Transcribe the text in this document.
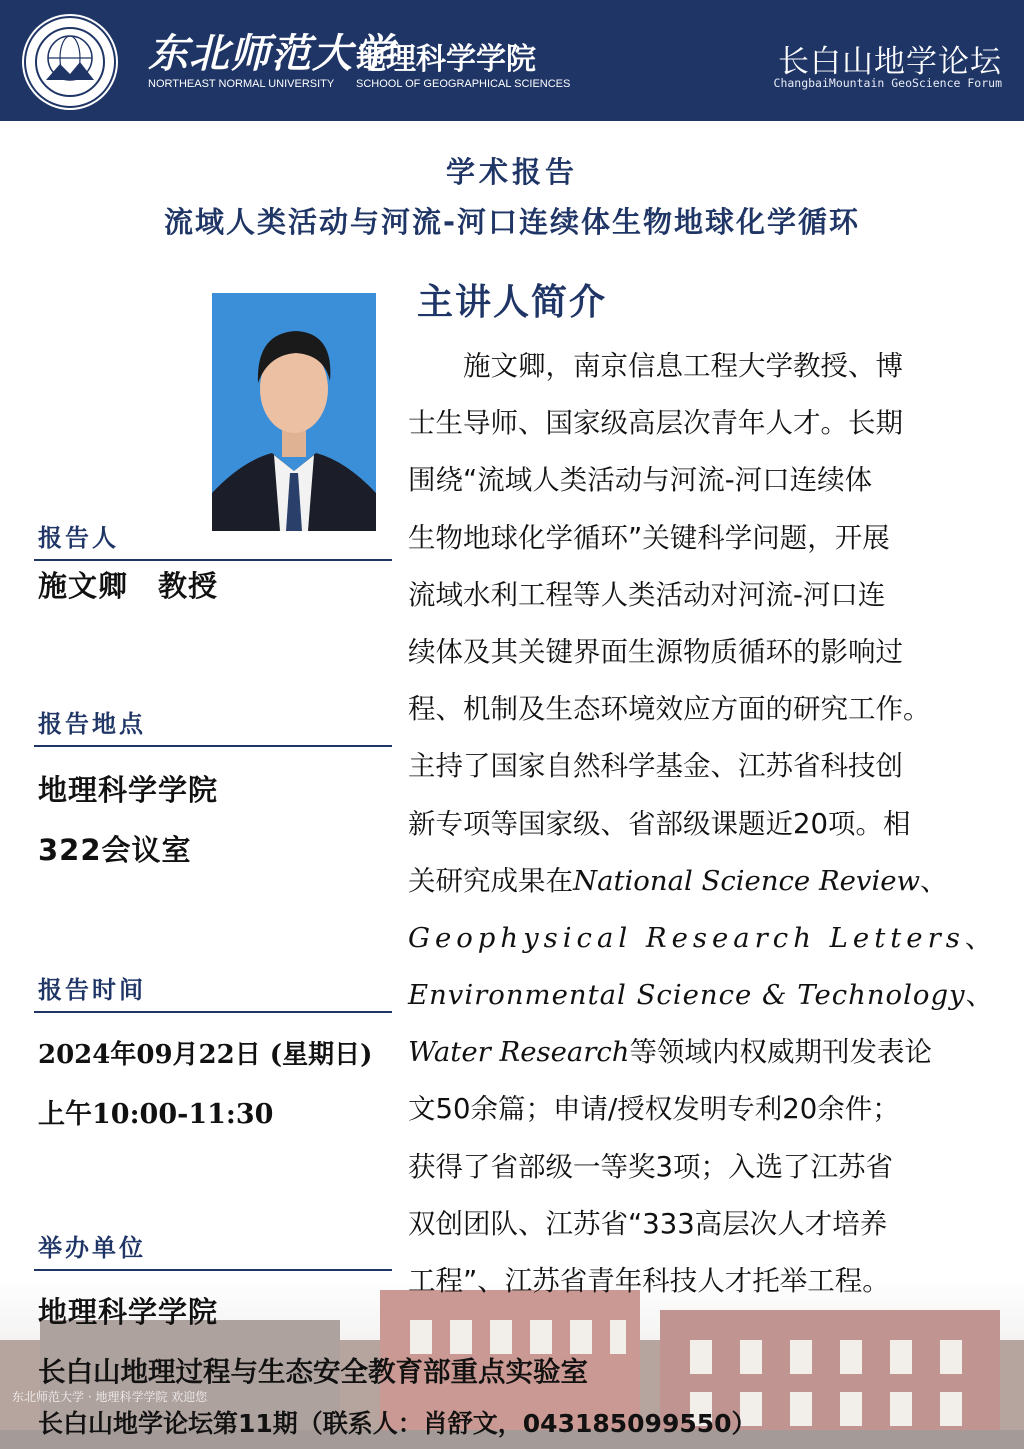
东北师范大学
地理科学学院
NORTHEAST NORMAL UNIVERSITY SCHOOL OF GEOGRAPHICAL SCIENCES
长白山地学论坛
ChangbaiMountain GeoScience Forum
学术报告
流域人类活动与河流-河口连续体生物地球化学循环
报告人
施文卿　教授
报告地点
地理科学学院
322会议室
报告时间
2024年09月22日 (星期日)
上午10:00-11:30
举办单位
东北师范大学 · 地理科学学院 欢迎您
地理科学学院
长白山地理过程与生态安全教育部重点实验室
长白山地学论坛第11期（联系人：肖舒文，043185099550）
主讲人简介
　　施文卿，南京信息工程大学教授、博
士生导师、国家级高层次青年人才。长期
围绕“流域人类活动与河流-河口连续体
生物地球化学循环”关键科学问题，开展
流域水利工程等人类活动对河流-河口连
续体及其关键界面生源物质循环的影响过
程、机制及生态环境效应方面的研究工作。
主持了国家自然科学基金、江苏省科技创
新专项等国家级、省部级课题近20项。相
关研究成果在National Science Review、
Geophysical Research Letters、
Environmental Science & Technology、
Water Research等领域内权威期刊发表论
文50余篇；申请/授权发明专利20余件；
获得了省部级一等奖3项；入选了江苏省
双创团队、江苏省“333高层次人才培养
工程”、江苏省青年科技人才托举工程。
